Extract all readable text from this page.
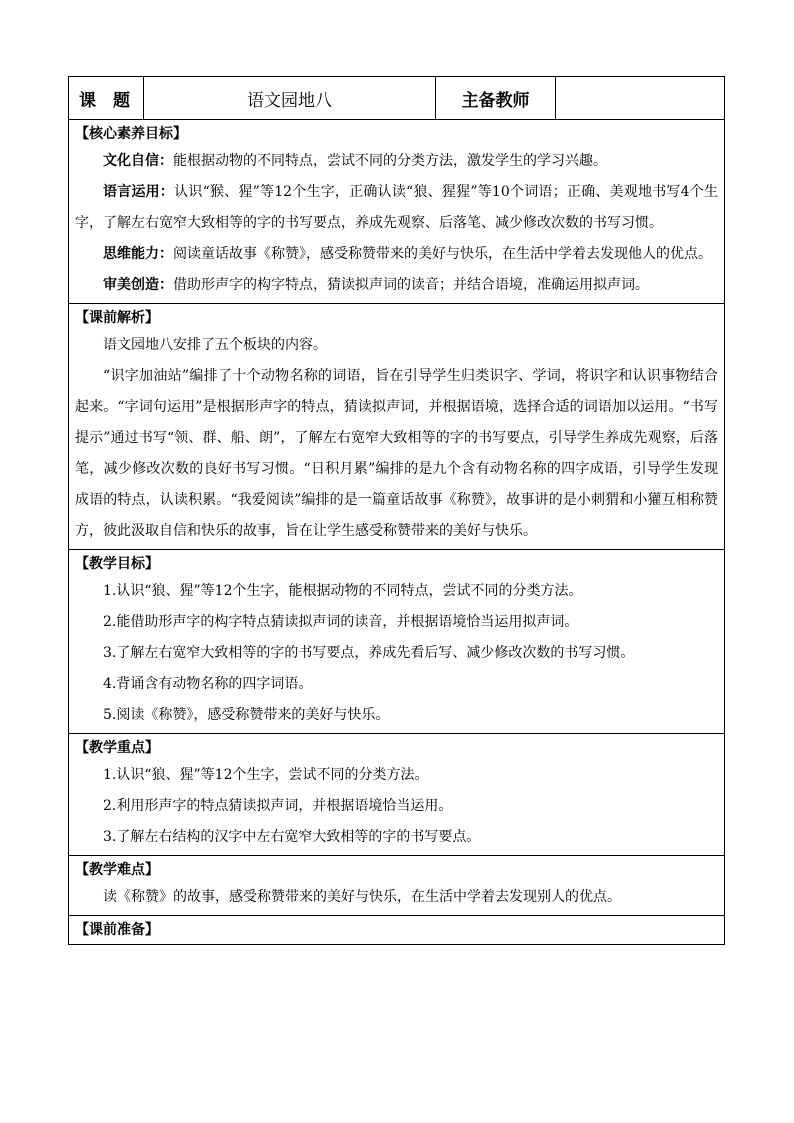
课　题	语文园地八	主备教师	

【核心素养目标】

文化自信：能根据动物的不同特点，尝试不同的分类方法，激发学生的学习兴趣。

语言运用：认识“猴、猩”等12个生字，正确认读“狼、猩猩”等10个词语；正确、美观地书写4个生字，了解左右宽窄大致相等的字的书写要点，养成先观察、后落笔、减少修改次数的书写习惯。

思维能力：阅读童话故事《称赞》，感受称赞带来的美好与快乐，在生活中学着去发现他人的优点。

审美创造：借助形声字的构字特点，猜读拟声词的读音；并结合语境，准确运用拟声词。

【课前解析】

语文园地八安排了五个板块的内容。

“识字加油站”编排了十个动物名称的词语，旨在引导学生归类识字、学词，将识字和认识事物结合起来。“字词句运用”是根据形声字的特点，猜读拟声词，并根据语境，选择合适的词语加以运用。“书写提示”通过书写“领、群、船、朗”，了解左右宽窄大致相等的字的书写要点，引导学生养成先观察，后落笔，减少修改次数的良好书写习惯。“日积月累”编排的是九个含有动物名称的四字成语，引导学生发现成语的特点，认读积累。“我爱阅读”编排的是一篇童话故事《称赞》，故事讲的是小刺猬和小獾互相称赞方，彼此汲取自信和快乐的故事，旨在让学生感受称赞带来的美好与快乐。

【教学目标】

1.认识“狼、猩”等12个生字，能根据动物的不同特点，尝试不同的分类方法。

2.能借助形声字的构字特点猜读拟声词的读音，并根据语境恰当运用拟声词。

3.了解左右宽窄大致相等的字的书写要点，养成先看后写、减少修改次数的书写习惯。

4.背诵含有动物名称的四字词语。

5.阅读《称赞》，感受称赞带来的美好与快乐。

【教学重点】

1.认识“狼、猩”等12个生字，尝试不同的分类方法。

2.利用形声字的特点猜读拟声词，并根据语境恰当运用。

3.了解左右结构的汉字中左右宽窄大致相等的字的书写要点。

【教学难点】

读《称赞》的故事，感受称赞带来的美好与快乐，在生活中学着去发现别人的优点。

【课前准备】
